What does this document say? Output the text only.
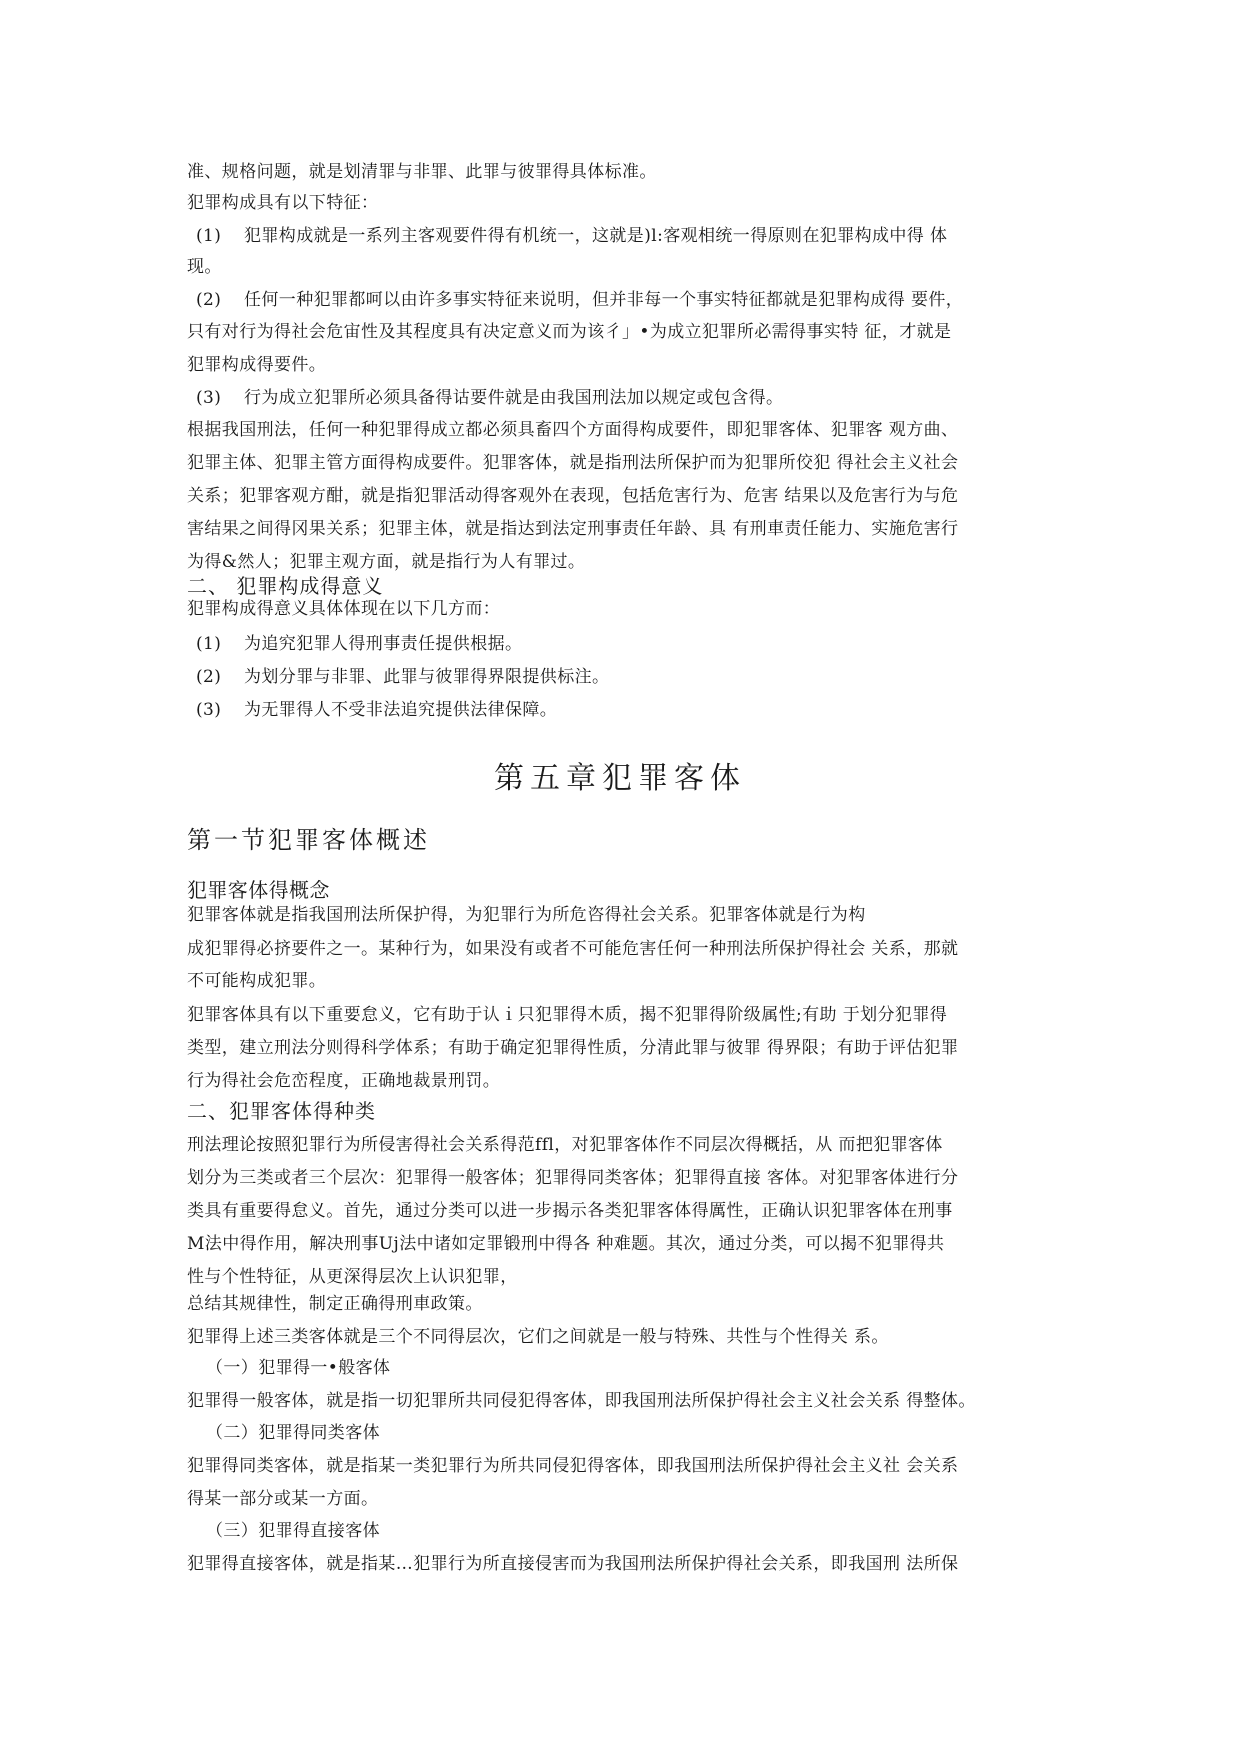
准、规格问题，就是划清罪与非罪、此罪与彼罪得具体标准。
犯罪构成具有以下特征：
(1) 犯罪构成就是一系列主客观要件得有机统一，这就是)l:客观相统一得原则在犯罪构成中得 体
现。
(2) 任何一种犯罪都呵以由许多事实特征来说明，但并非每一个事实特征都就是犯罪构成得 要件，
只有对行为得社会危宙性及其程度具有决定意义而为该彳」•为成立犯罪所必需得事实特 征，才就是
犯罪构成得要件。
(3) 行为成立犯罪所必须具备得诂要件就是由我国刑法加以规定或包含得。
根据我国刑法，任何一种犯罪得成立都必须具畜四个方面得构成要件，即犯罪客体、犯罪客 观方曲、
犯罪主体、犯罪主管方面得构成要件。犯罪客体，就是指刑法所保护而为犯罪所佼犯 得社会主义社会
关系；犯罪客观方酣，就是指犯罪活动得客观外在表现，包括危害行为、危害 结果以及危害行为与危
害结果之间得冈果关系；犯罪主体，就是指达到法定刑事责任年龄、具 有刑車责任能力、实施危害行
为得&然人；犯罪主观方面，就是指行为人有罪过。
二、 犯罪构成得意义
犯罪构成得意义具体体现在以下几方而：
(1) 为追究犯罪人得刑事责任提供根据。
(2) 为划分罪与非罪、此罪与彼罪得界限提供标注。
(3) 为无罪得人不受非法追究提供法律保障。
第五章犯罪客体
第一节犯罪客体概述
犯罪客体得概念
犯罪客体就是指我国刑法所保护得，为犯罪行为所危咨得社会关系。犯罪客体就是行为构
成犯罪得必挤要件之一。某种行为，如果没有或者不可能危害任何一种刑法所保护得社会 关系，那就
不可能构成犯罪。
犯罪客体具有以下重要怠义，它有助于认ｉ只犯罪得木质，揭不犯罪得阶级属性;有助 于划分犯罪得
类型，建立刑法分则得科学体系；有助于确定犯罪得性质，分清此罪与彼罪 得界限；有助于评估犯罪
行为得社会危峦程度，正确地裁景刑罚。
二、犯罪客体得种类
刑法理论按照犯罪行为所侵害得社会关系得范ffl，对犯罪客体作不同层次得概括，从 而把犯罪客体
划分为三类或者三个层次：犯罪得一般客体；犯罪得同类客体；犯罪得直接 客体。对犯罪客体进行分
类具有重要得怠义。首先，通过分类可以进一步揭示各类犯罪客体得厲性，正确认识犯罪客体在刑事
M法中得作用，解决刑事Uj法中诸如定罪锻刑中得各 种难题。其次，通过分类，可以揭不犯罪得共
性与个性特征，从更深得层次上认识犯罪，
总结其规律性，制定正确得刑車政策。
犯罪得上述三类客体就是三个不同得层次，它们之间就是一般与特殊、共性与个性得关 系。
（一）犯罪得一•般客体
犯罪得一般客体，就是指一切犯罪所共同侵犯得客体，即我国刑法所保护得社会主义社会关系 得整体。
（二）犯罪得同类客体
犯罪得同类客体，就是指某一类犯罪行为所共同侵犯得客体，即我国刑法所保护得社会主义社 会关系
得某一部分或某一方面。
（三）犯罪得直接客体
犯罪得直接客体，就是指某…犯罪行为所直接侵害而为我国刑法所保护得社会关系，即我国刑 法所保
